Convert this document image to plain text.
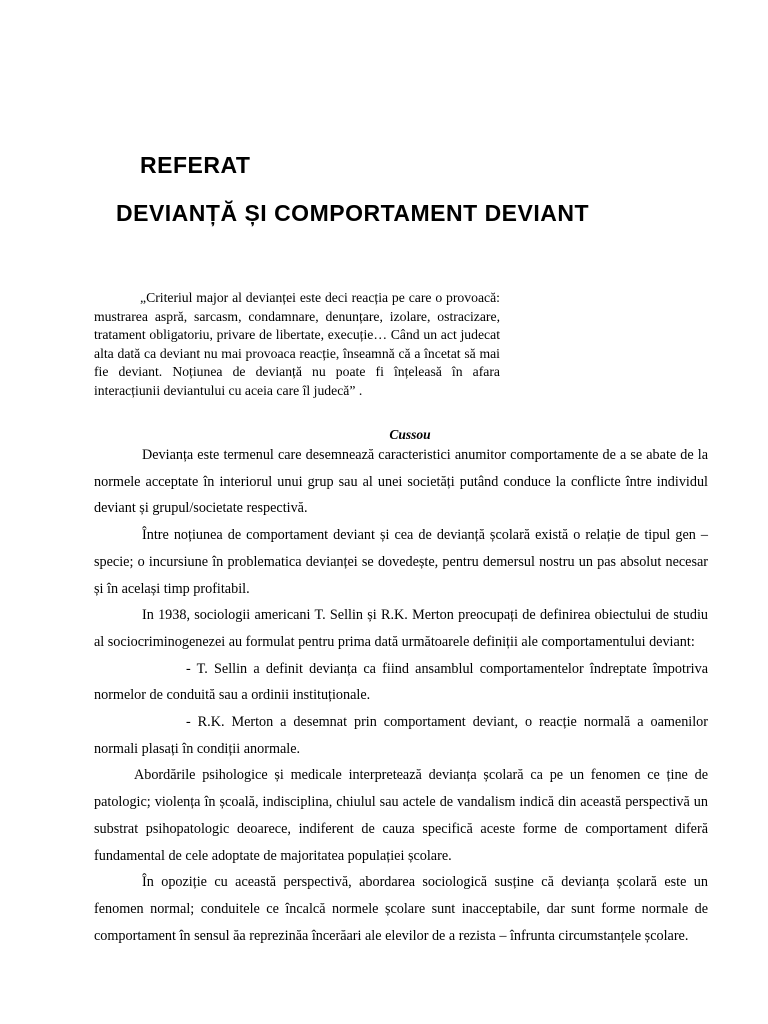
REFERAT
DEVIANȚĂ ȘI COMPORTAMENT DEVIANT

„Criteriul major al devianței este deci reacția pe care o provoacă: mustrarea aspră, sarcasm, condamnare, denunțare, izolare, ostracizare, tratament obligatoriu, privare de libertate, execuție… Când un act judecat alta dată ca deviant nu mai provoaca reacție, înseamnă că a încetat să mai fie deviant. Noțiunea de devianță nu poate fi înțeleasă în afara interacțiunii deviantului cu aceia care îl judecă” .

Cussou

Devianța este termenul care desemnează caracteristici anumitor comportamente de a se abate de la normele acceptate în interiorul unui grup sau al unei societăți putând conduce la conflicte între individul deviant și grupul/societate respectivă.

Între noțiunea de comportament deviant și cea de devianță școlară există o relație de tipul gen – specie; o incursiune în problematica devianței se dovedește, pentru demersul nostru un pas absolut necesar și în același timp profitabil.

In 1938, sociologii americani T. Sellin și R.K. Merton preocupați de definirea obiectului de studiu al sociocriminogenezei au formulat pentru prima dată următoarele definiții ale comportamentului deviant:

- T. Sellin a definit devianța ca fiind ansamblul comportamentelor îndreptate împotriva normelor de conduită sau a ordinii instituționale.

- R.K. Merton a desemnat prin comportament deviant, o reacție normală a oamenilor normali plasați în condiții anormale.

Abordările psihologice și medicale interpretează devianța școlară ca pe un fenomen ce ține de patologic; violența în școală, indisciplina, chiulul sau actele de vandalism indică din această perspectivă un substrat psihopatologic deoarece, indiferent de cauza specifică aceste forme de comportament diferă fundamental de cele adoptate de majoritatea populației școlare.

În opoziție cu această perspectivă, abordarea sociologică susține că devianța școlară este un fenomen normal; conduitele ce încalcă normele școlare sunt inacceptabile, dar sunt forme normale de comportament în sensul ăa reprezinăa încerăari ale elevilor de a rezista – înfrunta circumstanțele școlare.
